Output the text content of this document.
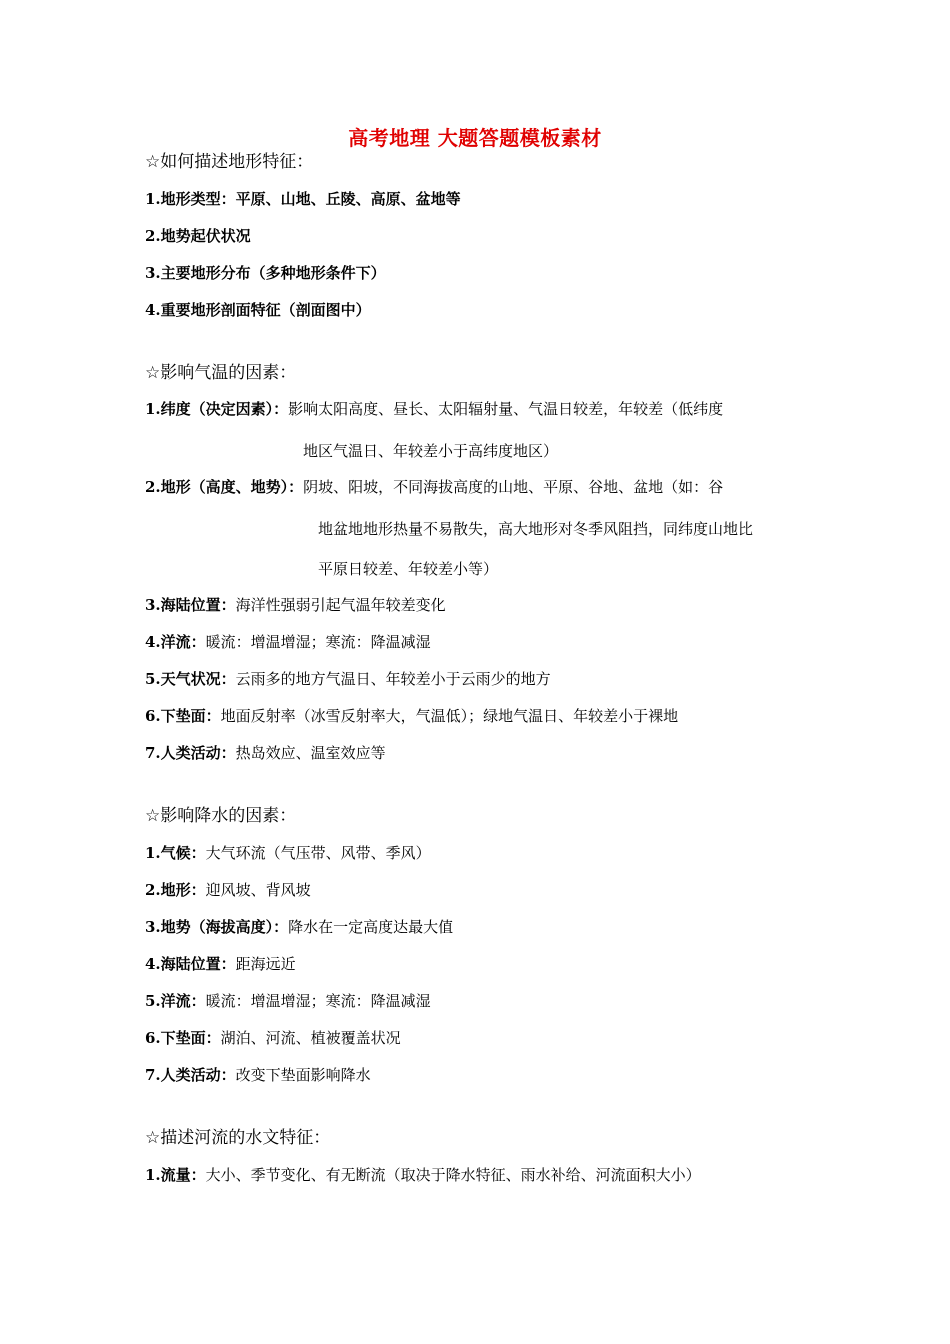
高考地理 大题答题模板素材
☆如何描述地形特征：
1.地形类型：平原、山地、丘陵、高原、盆地等
2.地势起伏状况
3.主要地形分布（多种地形条件下）
4.重要地形剖面特征（剖面图中）
☆影响气温的因素：
1.纬度（决定因素）：影响太阳高度、昼长、太阳辐射量、气温日较差，年较差（低纬度
地区气温日、年较差小于高纬度地区）
2.地形（高度、地势）：阴坡、阳坡，不同海拔高度的山地、平原、谷地、盆地（如：谷
地盆地地形热量不易散失，高大地形对冬季风阻挡，同纬度山地比
平原日较差、年较差小等）
3.海陆位置：海洋性强弱引起气温年较差变化
4.洋流：暖流：增温增湿；寒流：降温减湿
5.天气状况：云雨多的地方气温日、年较差小于云雨少的地方
6.下垫面：地面反射率（冰雪反射率大，气温低）；绿地气温日、年较差小于裸地
7.人类活动：热岛效应、温室效应等
☆影响降水的因素：
1.气候：大气环流（气压带、风带、季风）
2.地形：迎风坡、背风坡
3.地势（海拔高度）：降水在一定高度达最大值
4.海陆位置：距海远近
5.洋流：暖流：增温增湿；寒流：降温减湿
6.下垫面：湖泊、河流、植被覆盖状况
7.人类活动：改变下垫面影响降水
☆描述河流的水文特征：
1.流量：大小、季节变化、有无断流（取决于降水特征、雨水补给、河流面积大小）
